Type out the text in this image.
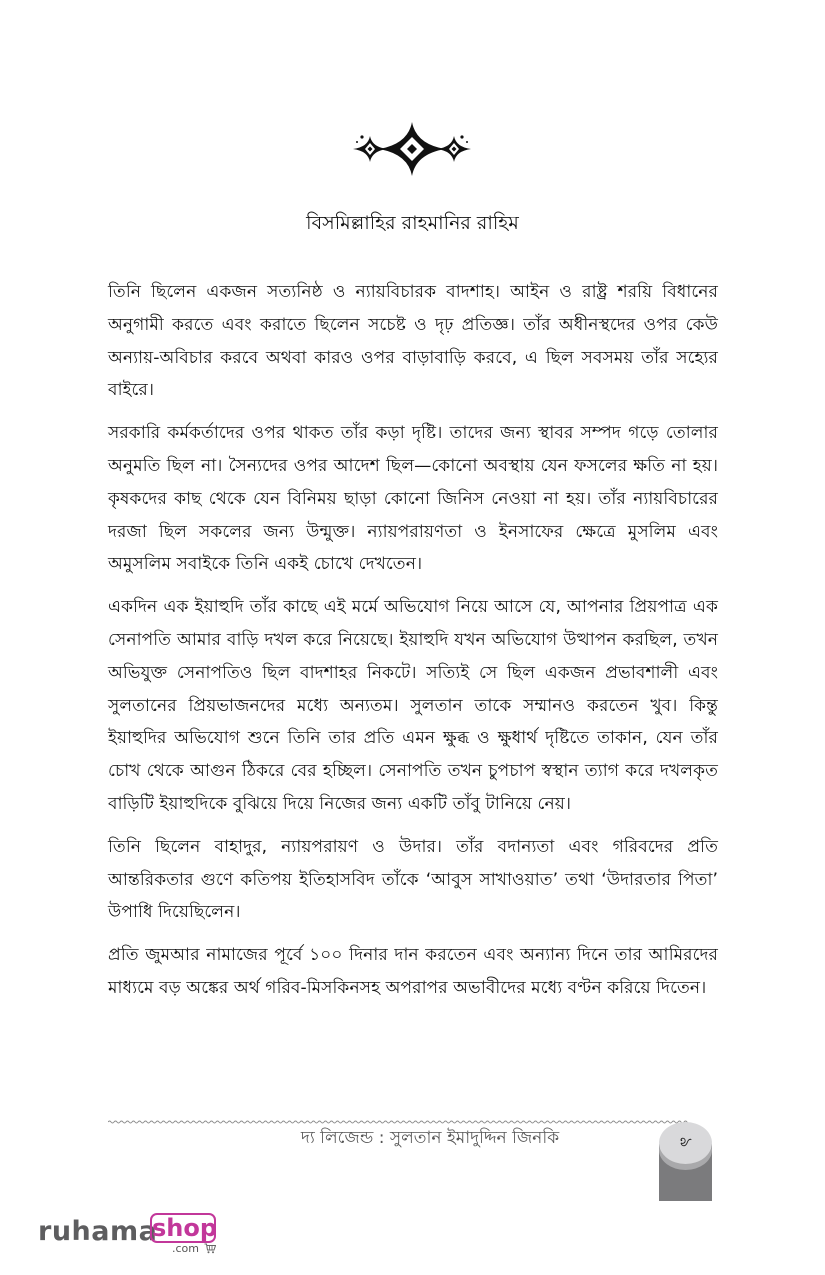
বিসমিল্লাহির রাহমানির রাহিম

তিনি ছিলেন একজন সত্যনিষ্ঠ ও ন্যায়বিচারক বাদশাহ। আইন ও রাষ্ট্র শরয়ি বিধানের অনুগামী করতে এবং করাতে ছিলেন সচেষ্ট ও দৃঢ় প্রতিজ্ঞ। তাঁর অধীনস্থদের ওপর কেউ অন্যায়-অবিচার করবে অথবা কারও ওপর বাড়াবাড়ি করবে, এ ছিল সবসময় তাঁর সহ্যের বাইরে।

সরকারি কর্মকর্তাদের ওপর থাকত তাঁর কড়া দৃষ্টি। তাদের জন্য স্থাবর সম্পদ গড়ে তোলার অনুমতি ছিল না। সৈন্যদের ওপর আদেশ ছিল—কোনো অবস্থায় যেন ফসলের ক্ষতি না হয়। কৃষকদের কাছ থেকে যেন বিনিময় ছাড়া কোনো জিনিস নেওয়া না হয়। তাঁর ন্যায়বিচারের দরজা ছিল সকলের জন্য উন্মুক্ত। ন্যায়পরায়ণতা ও ইনসাফের ক্ষেত্রে মুসলিম এবং অমুসলিম সবাইকে তিনি একই চোখে দেখতেন।

একদিন এক ইয়াহুদি তাঁর কাছে এই মর্মে অভিযোগ নিয়ে আসে যে, আপনার প্রিয়পাত্র এক সেনাপতি আমার বাড়ি দখল করে নিয়েছে। ইয়াহুদি যখন অভিযোগ উত্থাপন করছিল, তখন অভিযুক্ত সেনাপতিও ছিল বাদশাহর নিকটে। সত্যিই সে ছিল একজন প্রভাবশালী এবং সুলতানের প্রিয়ভাজনদের মধ্যে অন্যতম। সুলতান তাকে সম্মানও করতেন খুব। কিন্তু ইয়াহুদির অভিযোগ শুনে তিনি তার প্রতি এমন ক্ষুব্ধ ও ক্ষুধার্থ দৃষ্টিতে তাকান, যেন তাঁর চোখ থেকে আগুন ঠিকরে বের হচ্ছিল। সেনাপতি তখন চুপচাপ স্বস্থান ত্যাগ করে দখলকৃত বাড়িটি ইয়াহুদিকে বুঝিয়ে দিয়ে নিজের জন্য একটি তাঁবু টানিয়ে নেয়।

তিনি ছিলেন বাহাদুর, ন্যায়পরায়ণ ও উদার। তাঁর বদান্যতা এবং গরিবদের প্রতি আন্তরিকতার গুণে কতিপয় ইতিহাসবিদ তাঁকে ‘আবুস সাখাওয়াত’ তথা ‘উদারতার পিতা’ উপাধি দিয়েছিলেন।

প্রতি জুমআর নামাজের পূর্বে ১০০ দিনার দান করতেন এবং অন্যান্য দিনে তার আমিরদের মাধ্যমে বড় অঙ্কের অর্থ গরিব-মিসকিনসহ অপরাপর অভাবীদের মধ্যে বণ্টন করিয়ে দিতেন।

দ্য লিজেন্ড : সুলতান ইমাদুদ্দিন জিনকি	৯
ruhama
shop
.com
